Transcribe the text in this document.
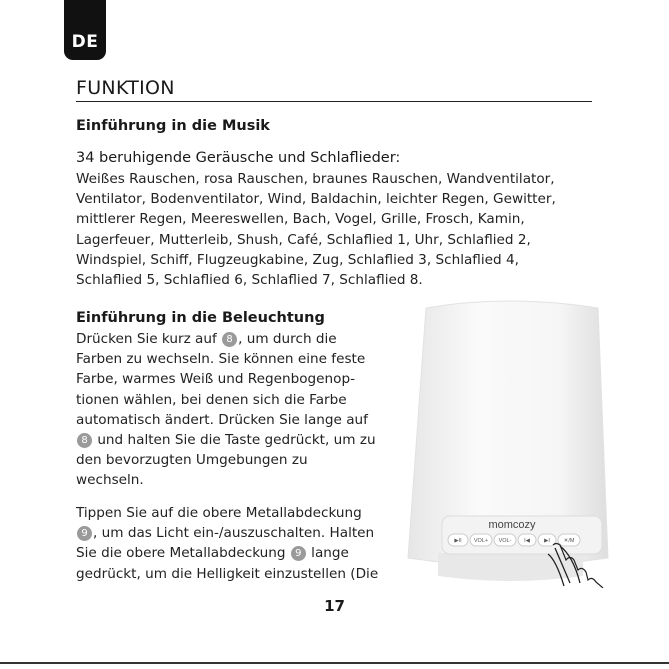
DE
FUNKTION
Einführung in die Musik
34 beruhigende Geräusche und Schlaflieder:
Weißes Rauschen, rosa Rauschen, braunes Rauschen, Wandventilator,
Ventilator, Bodenventilator, Wind, Baldachin, leichter Regen, Gewitter,
mittlerer Regen, Meereswellen, Bach, Vogel, Grille, Frosch, Kamin,
Lagerfeuer, Mutterleib, Shush, Café, Schlaflied 1, Uhr, Schlaflied 2,
Windspiel, Schiff, Flugzeugkabine, Zug, Schlaflied 3, Schlaflied 4,
Schlaflied 5, Schlaflied 6, Schlaflied 7, Schlaflied 8.
Einführung in die Beleuchtung
Drücken Sie kurz auf 8 , um durch die
Farben zu wechseln. Sie können eine feste
Farbe, warmes Weiß und Regenbogenop-
tionen wählen, bei denen sich die Farbe
automatisch ändert. Drücken Sie lange auf
8 und halten Sie die Taste gedrückt, um zu
den bevorzugten Umgebungen zu
wechseln.
Tippen Sie auf die obere Metallabdeckung
9 , um das Licht ein-/auszuschalten. Halten
Sie die obere Metallabdeckung 9 lange
gedrückt, um die Helligkeit einzustellen (Die
momcozy
▶II VOL+ VOL- I◀	▶I ☀/M
17
